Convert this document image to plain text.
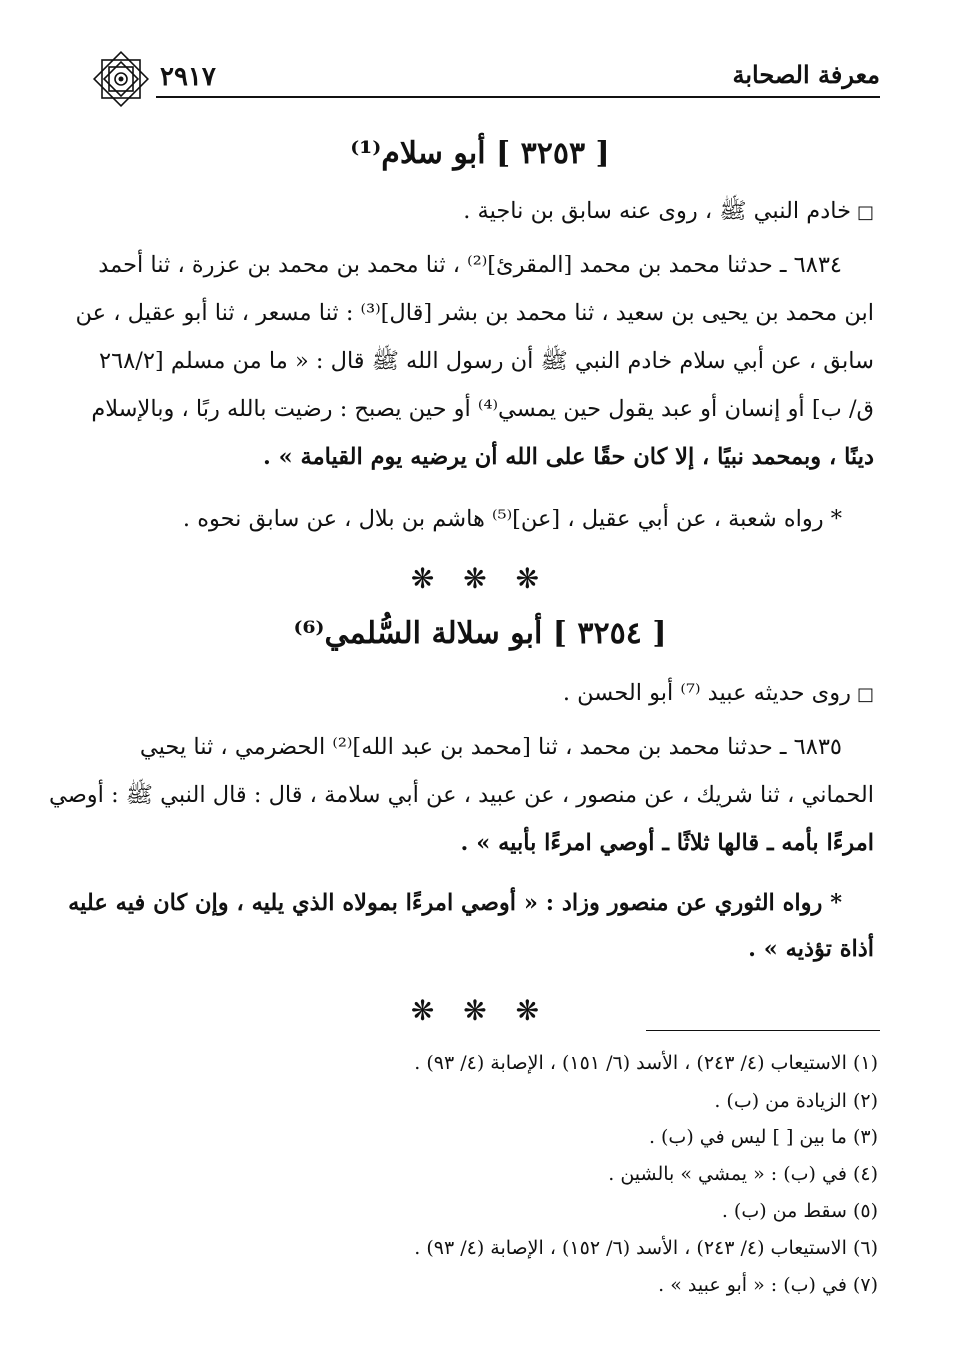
٢٩١٧	معرفة الصحابة
[ ٣٢٥٣ ] أبو سلام⁽¹⁾
□خادم النبي ﷺ ، روى عنه سابق بن ناجية .
٦٨٣٤ ـ حدثنا محمد بن محمد [المقرئ]⁽²⁾ ، ثنا محمد بن محمد بن عزرة ، ثنا أحمد
ابن محمد بن يحيى بن سعيد ، ثنا محمد بن بشر [قال]⁽³⁾ : ثنا مسعر ، ثنا أبو عقيل ، عن
سابق ، عن أبي سلام خادم النبي ﷺ أن رسول الله ﷺ قال : « ما من مسلم [٢٦٨/٢
ق/ ب] أو إنسان أو عبد يقول حين يمسي⁽⁴⁾ أو حين يصبح : رضيت بالله ربًا ، وبالإسلام
دينًا ، وبمحمد نبيًا ، إلا كان حقًا على الله أن يرضيه يوم القيامة » .
* رواه شعبة ، عن أبي عقيل ، [عن]⁽⁵⁾ هاشم بن بلال ، عن سابق نحوه .
❋ ❋ ❋
[ ٣٢٥٤ ] أبو سلالة السُّلمي⁽⁶⁾
□روى حديثه عبيد ⁽⁷⁾ أبو الحسن .
٦٨٣٥ ـ حدثنا محمد بن محمد ، ثنا [محمد بن عبد الله]⁽²⁾ الحضرمي ، ثنا يحيي
الحماني ، ثنا شريك ، عن منصور ، عن عبيد ، عن أبي سلامة ، قال : قال النبي ﷺ : أوصي
امرءًا بأمه ـ قالها ثلاثًا ـ أوصي امرءًا بأبيه » .
* رواه الثوري عن منصور وزاد : « أوصي امرءًا بمولاه الذي يليه ، وإن كان فيه عليه
أذاة تؤذيه » .
❋ ❋ ❋
(١) الاستيعاب (٤/ ٢٤٣) ، الأسد (٦/ ١٥١) ، الإصابة (٤/ ٩٣) .
(٢) الزيادة من (ب) .
(٣) ما بين [ ] ليس في (ب) .
(٤) في (ب) : « يمشي » بالشين .
(٥) سقط من (ب) .
(٦) الاستيعاب (٤/ ٢٤٣) ، الأسد (٦/ ١٥٢) ، الإصابة (٤/ ٩٣) .
(٧) في (ب) : « أبو عبيد » .
